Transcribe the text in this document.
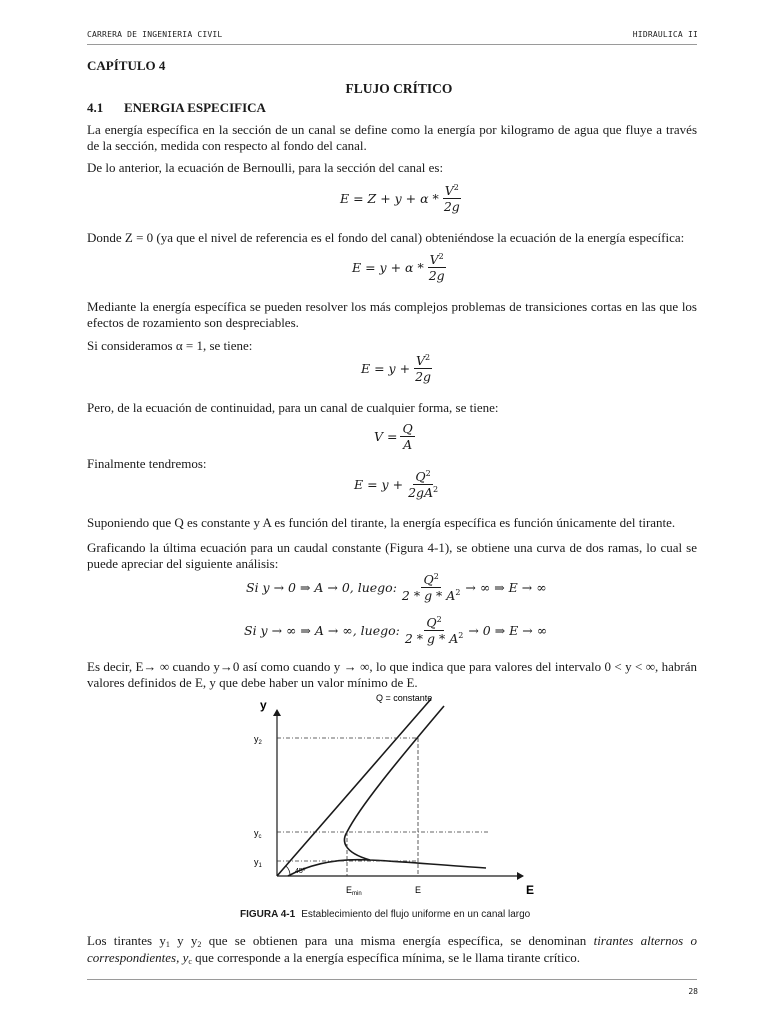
CARRERA DE INGENIERIA CIVIL	HIDRAULICA II
CAPÍTULO 4
FLUJO CRÍTICO
4.1 ENERGIA ESPECIFICA
La energía específica en la sección de un canal se define como la energía por kilogramo de agua que fluye a través de la sección, medida con respecto al fondo del canal.
De lo anterior, la ecuación de Bernoulli, para la sección del canal es:
$E = Z + y + \alpha * \frac{V^2}{2g}$
Donde Z = 0 (ya que el nivel de referencia es el fondo del canal) obteniéndose la ecuación de la energía específica:
$E = y + \alpha * \frac{V^2}{2g}$
Mediante la energía específica se pueden resolver los más complejos problemas de transiciones cortas en las que los efectos de rozamiento son despreciables.
Si consideramos α = 1, se tiene:
$E = y + \frac{V^2}{2g}$
Pero, de la ecuación de continuidad, para un canal de cualquier forma, se tiene:
$V = \frac{Q}{A}$
Finalmente tendremos:
$E = y + \frac{Q^2}{2gA^2}$
Suponiendo que Q es constante y A es función del tirante, la energía específica es función únicamente del tirante.
Graficando la última ecuación para un caudal constante (Figura 4-1), se obtiene una curva de dos ramas, lo cual se puede apreciar del siguiente análisis:
Si y → 0 ⇒ A → 0, luego: $\frac{Q^2}{2 * g * A^2}$ → ∞ ⇒ E → ∞
Si y → ∞ ⇒ A → ∞, luego: $\frac{Q^2}{2 * g * A^2} \to 0$ ⇒ E → ∞
Es decir, E→ ∞ cuando y→0 así como cuando y → ∞, lo que indica que para valores del intervalo 0 < y < ∞, habrán valores definidos de E, y que debe haber un valor mínimo de E.
y
E
Q = constante
$y_2$
$y_c$
$y_1$
45º
$E_{min}$	E
FIGURA 4-1 Establecimiento del flujo uniforme en un canal largo
Los tirantes $y_1$ y $y_2$ que se obtienen para una misma energía específica, se denominan tirantes alternos o correspondientes, $y_c$ que corresponde a la energía específica mínima, se le llama tirante crítico.
28
